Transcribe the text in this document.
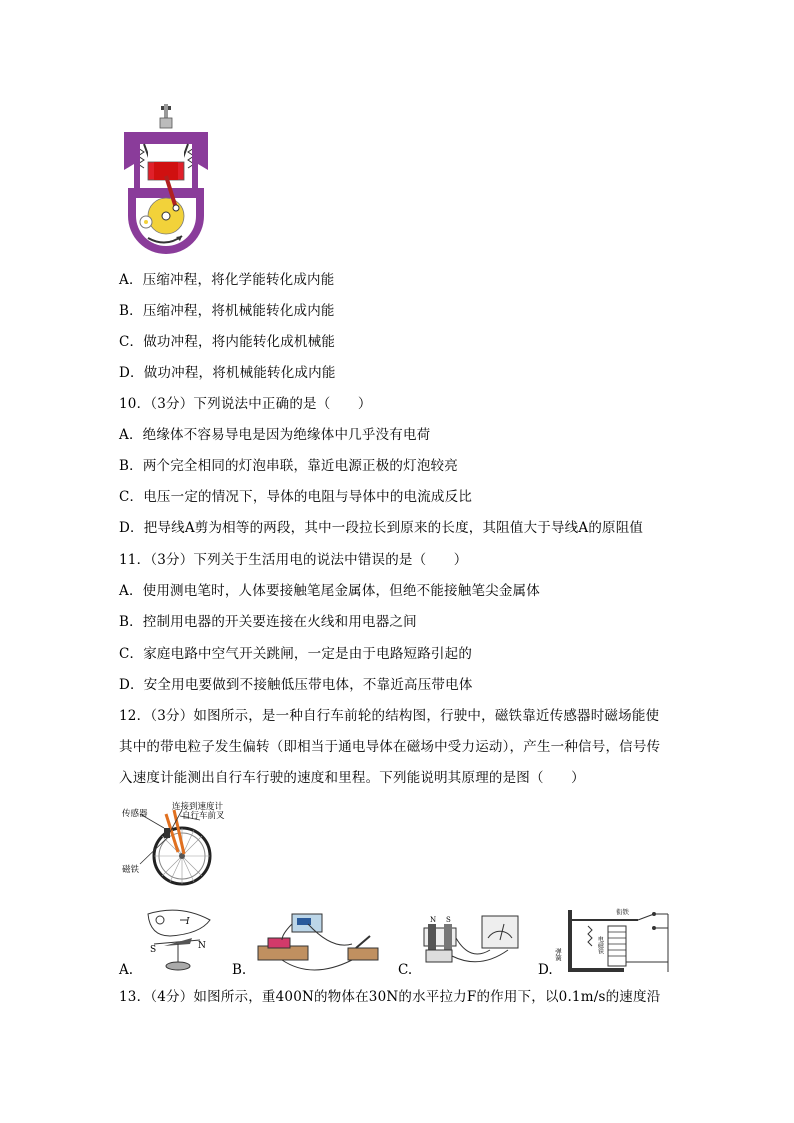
A．压缩冲程，将化学能转化成内能
B．压缩冲程，将机械能转化成内能
C．做功冲程，将内能转化成机械能
D．做功冲程，将机械能转化成内能
10．（3分）下列说法中正确的是（　　）
A．绝缘体不容易导电是因为绝缘体中几乎没有电荷
B．两个完全相同的灯泡串联，靠近电源正极的灯泡较亮
C．电压一定的情况下，导体的电阻与导体中的电流成反比
D．把导线A剪为相等的两段，其中一段拉长到原来的长度，其阻值大于导线A的原阻值
11．（3分）下列关于生活用电的说法中错误的是（　　）
A．使用测电笔时，人体要接触笔尾金属体，但绝不能接触笔尖金属体
B．控制用电器的开关要连接在火线和用电器之间
C．家庭电路中空气开关跳闸，一定是由于电路短路引起的
D．安全用电要做到不接触低压带电体，不靠近高压带电体
12．（3分）如图所示，是一种自行车前轮的结构图，行驶中，磁铁靠近传感器时磁场能使
其中的带电粒子发生偏转（即相当于通电导体在磁场中受力运动），产生一种信号，信号传
入速度计能测出自行车行驶的速度和里程。下列能说明其原理的是图（　　）
传感器
连接到速度计
自行车前叉
磁铁
A.
I
S	N
B.	C.
N S
D.
衔铁
弹簧
电磁铁
13．（4分）如图所示，重400N的物体在30N的水平拉力F的作用下，以0.1m/s的速度沿
